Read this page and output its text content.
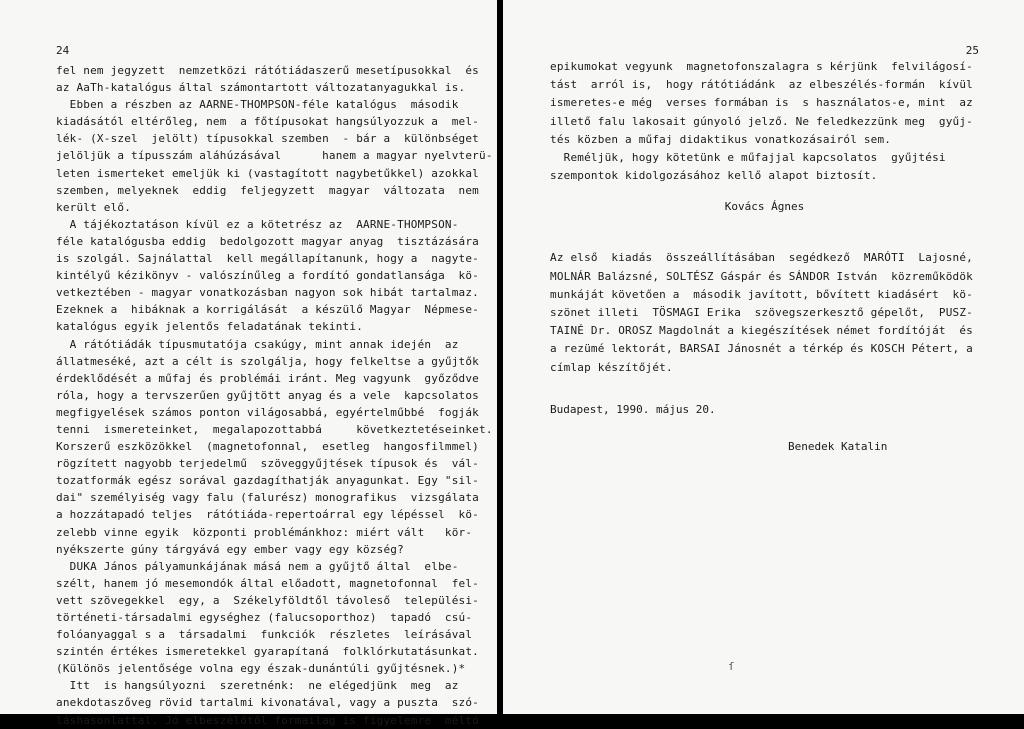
24
fel nem jegyzett  nemzetközi rátótiádaszerű mesetípusokkal  és
az AaTh-katalógus által számontartott változatanyagukkal is.
Ebben a részben az AARNE-THOMPSON-féle katalógus  második
kiadásától eltérőleg, nem  a főtípusokat hangsúlyozzuk a  mel-
lék- (X-szel  jelölt) típusokkal szemben  - bár a  különbséget
jelöljük a típusszám aláhúzásával      hanem a magyar nyelvterü-
leten ismerteket emeljük ki (vastagított nagybetűkkel) azokkal
szemben, melyeknek  eddig  feljegyzett  magyar  változata  nem
került elő.
A tájékoztatáson kívül ez a kötetrész az  AARNE-THOMPSON-
féle katalógusba eddig  bedolgozott magyar anyag  tisztázására
is szolgál. Sajnálattal  kell megállapítanunk, hogy a  nagyte-
kintélyű kézikönyv - valószínűleg a fordító gondatlansága  kö-
vetkeztében - magyar vonatkozásban nagyon sok hibát tartalmaz.
Ezeknek a  hibáknak a korrigálását  a készülő Magyar  Népmese-
katalógus egyik jelentős feladatának tekinti.
A rátótiádák típusmutatója csakúgy, mint annak idején  az
állatmeséké, azt a célt is szolgálja, hogy felkeltse a gyűjtők
érdeklődését a műfaj és problémái iránt. Meg vagyunk  győződve
róla, hogy a tervszerűen gyűjtött anyag és a vele  kapcsolatos
megfigyelések számos ponton világosabbá, egyértelműbbé  fogják
tenni  ismereteinket,  megalapozottabbá     következtetéseinket.
Korszerű eszközökkel  (magnetofonnal,  esetleg  hangosfilmmel)
rögzített nagyobb terjedelmű  szöveggyűjtések típusok és  vál-
tozatformák egész sorával gazdagíthatják anyagunkat. Egy "sil-
dai" személyiség vagy falu (falurész) monografikus  vizsgálata
a hozzátapadó teljes  rátótiáda-repertoárral egy lépéssel  kö-
zelebb vinne egyik  központi problémánkhoz: miért vált   kör-
nyékszerte gúny tárgyává egy ember vagy egy község?
DUKA János pályamunkájának másá nem a gyűjtő által  elbe-
szélt, hanem jó mesemondók által előadott, magnetofonnal  fel-
vett szövegekkel  egy, a  Székelyföldtől távoleső  települési-
történeti-társadalmi egységhez (falucsoporthoz)  tapadó  csú-
folóanyaggal s a  társadalmi  funkciók  részletes  leírásával
szintén értékes ismeretekkel gyarapítaná  folklórkutatásunkat.
(Különös jelentősége volna egy észak-dunántúli gyűjtésnek.)*
Itt  is hangsúlyozni  szeretnénk:  ne elégedjünk  meg  az
anekdotaszőveg rövid tartalmi kivonatával, vagy a puszta  szó-
láshasonlattal. Jó elbeszélőtől formailag is figyelemre  méltó
25
epikumokat vegyunk  magnetofonszalagra s kérjünk  felvilágosí-
tást  arról is,  hogy rátótiádánk  az elbeszélés-formán  kívül
ismeretes-e még  verses formában is  s használatos-e, mint  az
illető falu lakosait gúnyoló jelző. Ne feledkezzünk meg  gyűj-
tés közben a műfaj didaktikus vonatkozásairól sem.
Reméljük, hogy kötetünk e műfajjal kapcsolatos  gyűjtési
szempontok kidolgozásához kellő alapot biztosít.
Kovács Ágnes
Az első  kiadás  összeállításában  segédkező  MARÓTI  Lajosné,
MOLNÁR Balázsné, SOLTÉSZ Gáspár és SÁNDOR István  közreműködök
munkáját követően a  második javított, bővített kiadásért  kö-
szönet illeti  TÖSMAGI Erika  szövegszerkesztő gépelőt,  PUSZ-
TAINÉ Dr. OROSZ Magdolnát a kiegészítések német fordítóját  és
a rezümé lektorát, BARSAI Jánosnét a térkép és KOSCH Pétert, a
címlap készítőjét.
Budapest, 1990. május 20.
Benedek Katalin
ſ
